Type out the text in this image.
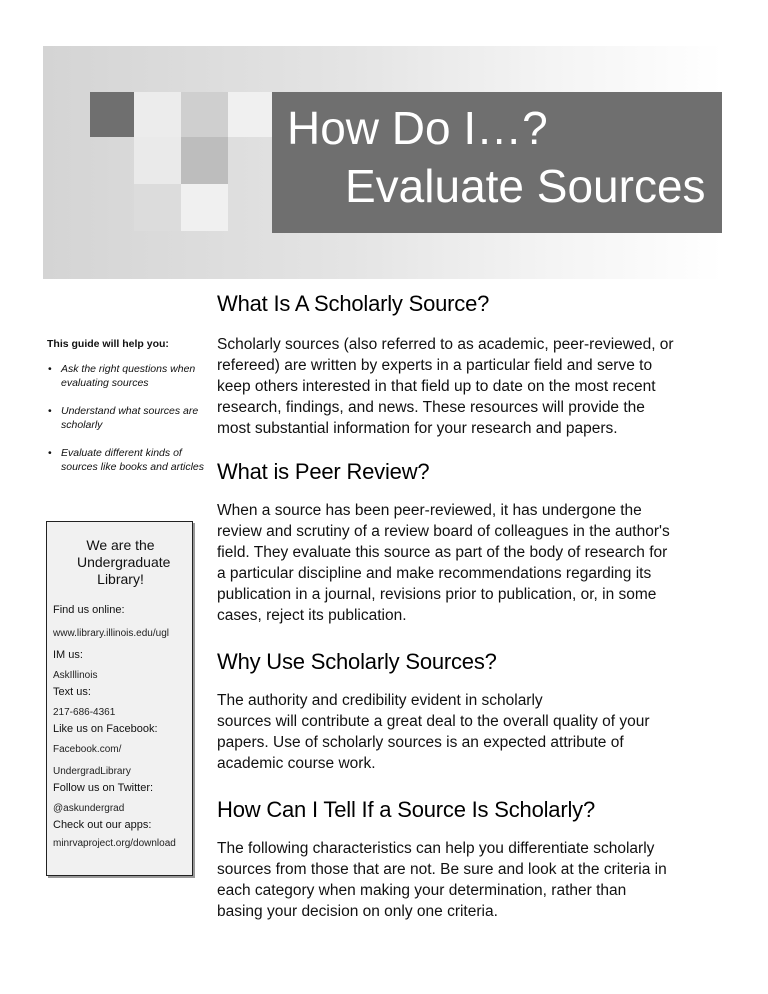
How Do I…?
Evaluate Sources
This guide will help you:
• Ask the right questions when evaluating sources
• Understand what sources are scholarly
• Evaluate different kinds of sources like books and articles
We are the Undergraduate Library!
Find us online:
www.library.illinois.edu/ugl
IM us:
AskIllinois
Text us:
217-686-4361
Like us on Facebook:
Facebook.com/
UndergradLibrary
Follow us on Twitter:
@askundergrad
Check out our apps:
minrvaproject.org/download
What Is A Scholarly Source?
Scholarly sources (also referred to as academic, peer-reviewed, or
refereed) are written by experts in a particular field and serve to
keep others interested in that field up to date on the most recent
research, findings, and news. These resources will provide the
most substantial information for your research and papers.
What is Peer Review?
When a source has been peer-reviewed, it has undergone the
review and scrutiny of a review board of colleagues in the author's
field. They evaluate this source as part of the body of research for
a particular discipline and make recommendations regarding its
publication in a journal, revisions prior to publication, or, in some
cases, reject its publication.
Why Use Scholarly Sources?
The authority and credibility evident in scholarly
sources will contribute a great deal to the overall quality of your
papers. Use of scholarly sources is an expected attribute of
academic course work.
How Can I Tell If a Source Is Scholarly?
The following characteristics can help you differentiate scholarly
sources from those that are not. Be sure and look at the criteria in
each category when making your determination, rather than
basing your decision on only one criteria.
